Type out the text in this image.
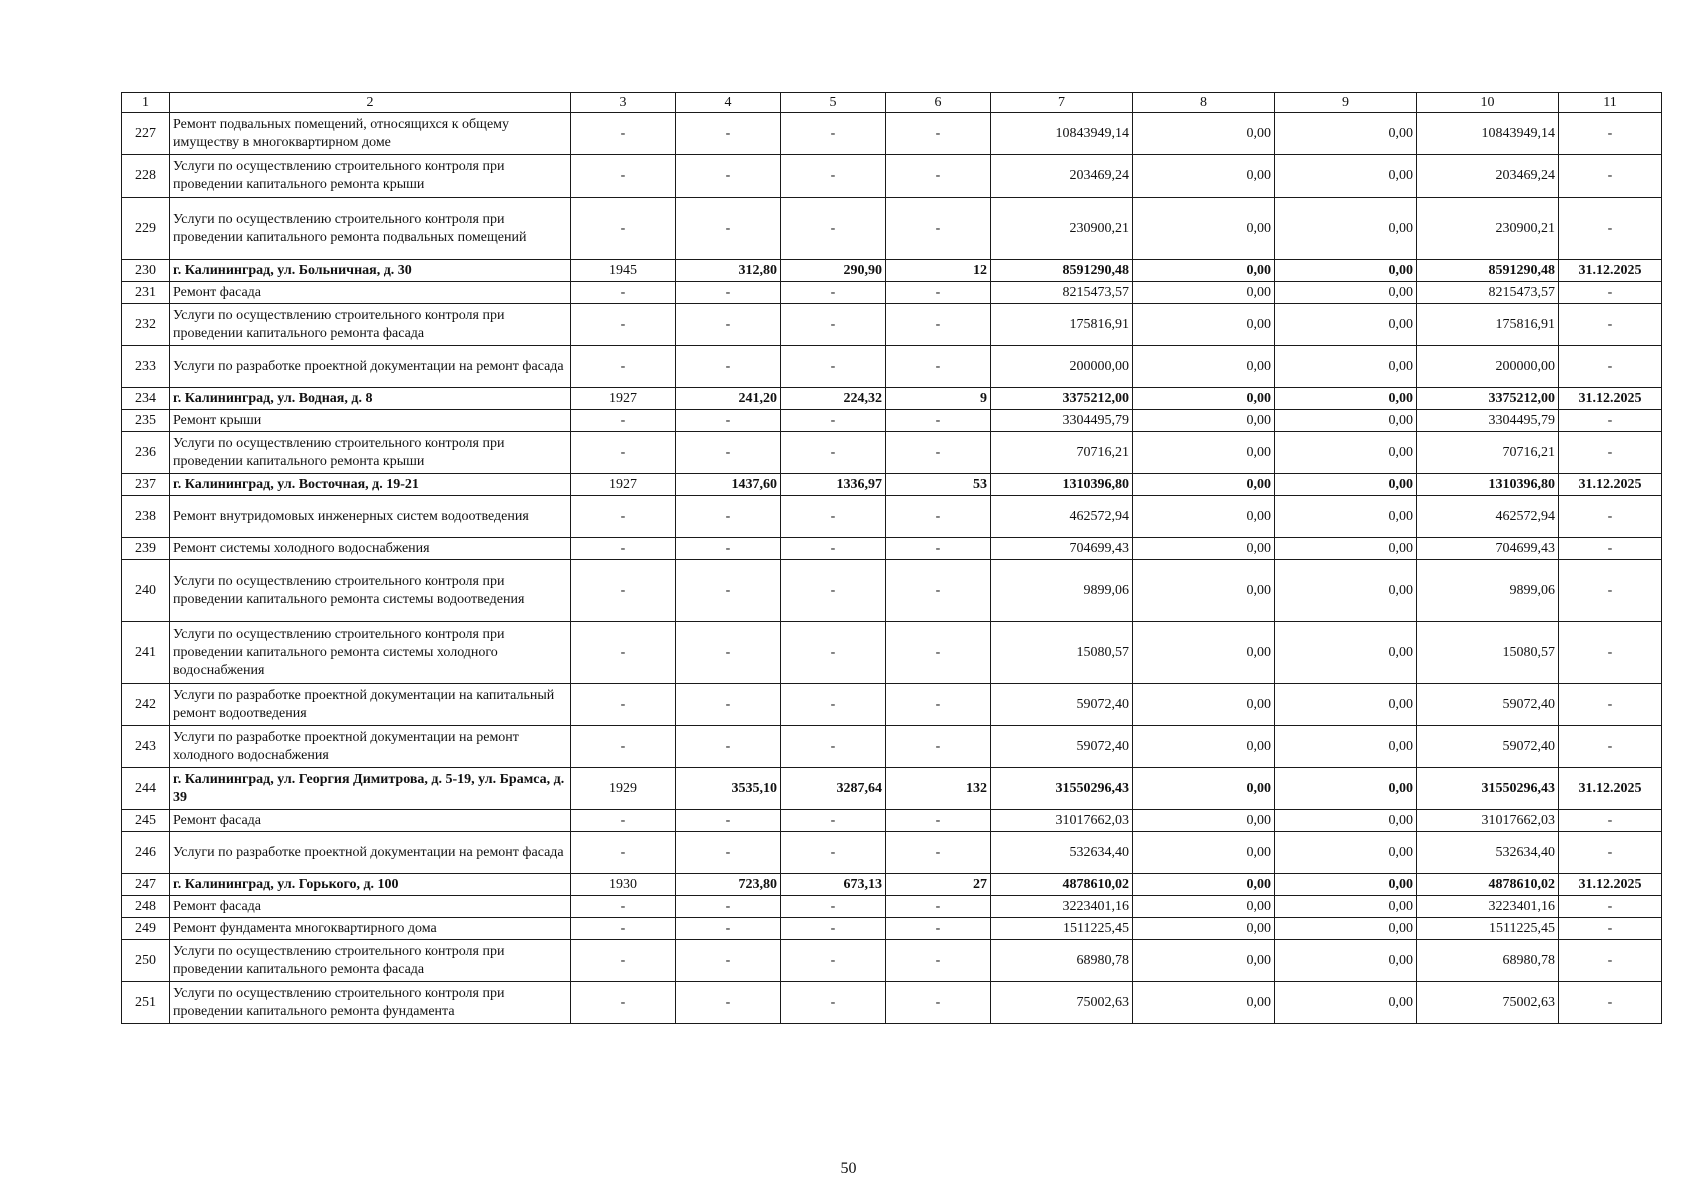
1	2	3	4	5	6	7	8	9	10	11
227	Ремонт подвальных помещений, относящихся к общему имуществу в многоквартирном доме	-	-	-	-	10843949,14	0,00	0,00	10843949,14	-
228	Услуги по осуществлению строительного контроля при проведении капитального ремонта крыши	-	-	-	-	203469,24	0,00	0,00	203469,24	-
229	Услуги по осуществлению строительного контроля при проведении капитального ремонта подвальных помещений	-	-	-	-	230900,21	0,00	0,00	230900,21	-
230	г. Калининград, ул. Больничная, д. 30	1945	312,80	290,90	12	8591290,48	0,00	0,00	8591290,48	31.12.2025
231	Ремонт фасада	-	-	-	-	8215473,57	0,00	0,00	8215473,57	-
232	Услуги по осуществлению строительного контроля при проведении капитального ремонта фасада	-	-	-	-	175816,91	0,00	0,00	175816,91	-
233	Услуги по разработке проектной документации на ремонт фасада	-	-	-	-	200000,00	0,00	0,00	200000,00	-
234	г. Калининград, ул. Водная, д. 8	1927	241,20	224,32	9	3375212,00	0,00	0,00	3375212,00	31.12.2025
235	Ремонт крыши	-	-	-	-	3304495,79	0,00	0,00	3304495,79	-
236	Услуги по осуществлению строительного контроля при проведении капитального ремонта крыши	-	-	-	-	70716,21	0,00	0,00	70716,21	-
237	г. Калининград, ул. Восточная, д. 19-21	1927	1437,60	1336,97	53	1310396,80	0,00	0,00	1310396,80	31.12.2025
238	Ремонт внутридомовых инженерных систем водоотведения	-	-	-	-	462572,94	0,00	0,00	462572,94	-
239	Ремонт системы холодного водоснабжения	-	-	-	-	704699,43	0,00	0,00	704699,43	-
240	Услуги по осуществлению строительного контроля при проведении капитального ремонта системы водоотведения	-	-	-	-	9899,06	0,00	0,00	9899,06	-
241	Услуги по осуществлению строительного контроля при проведении капитального ремонта системы холодного водоснабжения	-	-	-	-	15080,57	0,00	0,00	15080,57	-
242	Услуги по разработке проектной документации на капитальный ремонт водоотведения	-	-	-	-	59072,40	0,00	0,00	59072,40	-
243	Услуги по разработке проектной документации на ремонт холодного водоснабжения	-	-	-	-	59072,40	0,00	0,00	59072,40	-
244	г. Калининград, ул. Георгия Димитрова, д. 5-19, ул. Брамса, д. 39	1929	3535,10	3287,64	132	31550296,43	0,00	0,00	31550296,43	31.12.2025
245	Ремонт фасада	-	-	-	-	31017662,03	0,00	0,00	31017662,03	-
246	Услуги по разработке проектной документации на ремонт фасада	-	-	-	-	532634,40	0,00	0,00	532634,40	-
247	г. Калининград, ул. Горького, д. 100	1930	723,80	673,13	27	4878610,02	0,00	0,00	4878610,02	31.12.2025
248	Ремонт фасада	-	-	-	-	3223401,16	0,00	0,00	3223401,16	-
249	Ремонт фундамента многоквартирного дома	-	-	-	-	1511225,45	0,00	0,00	1511225,45	-
250	Услуги по осуществлению строительного контроля при проведении капитального ремонта фасада	-	-	-	-	68980,78	0,00	0,00	68980,78	-
251	Услуги по осуществлению строительного контроля при проведении капитального ремонта фундамента	-	-	-	-	75002,63	0,00	0,00	75002,63	-
50
